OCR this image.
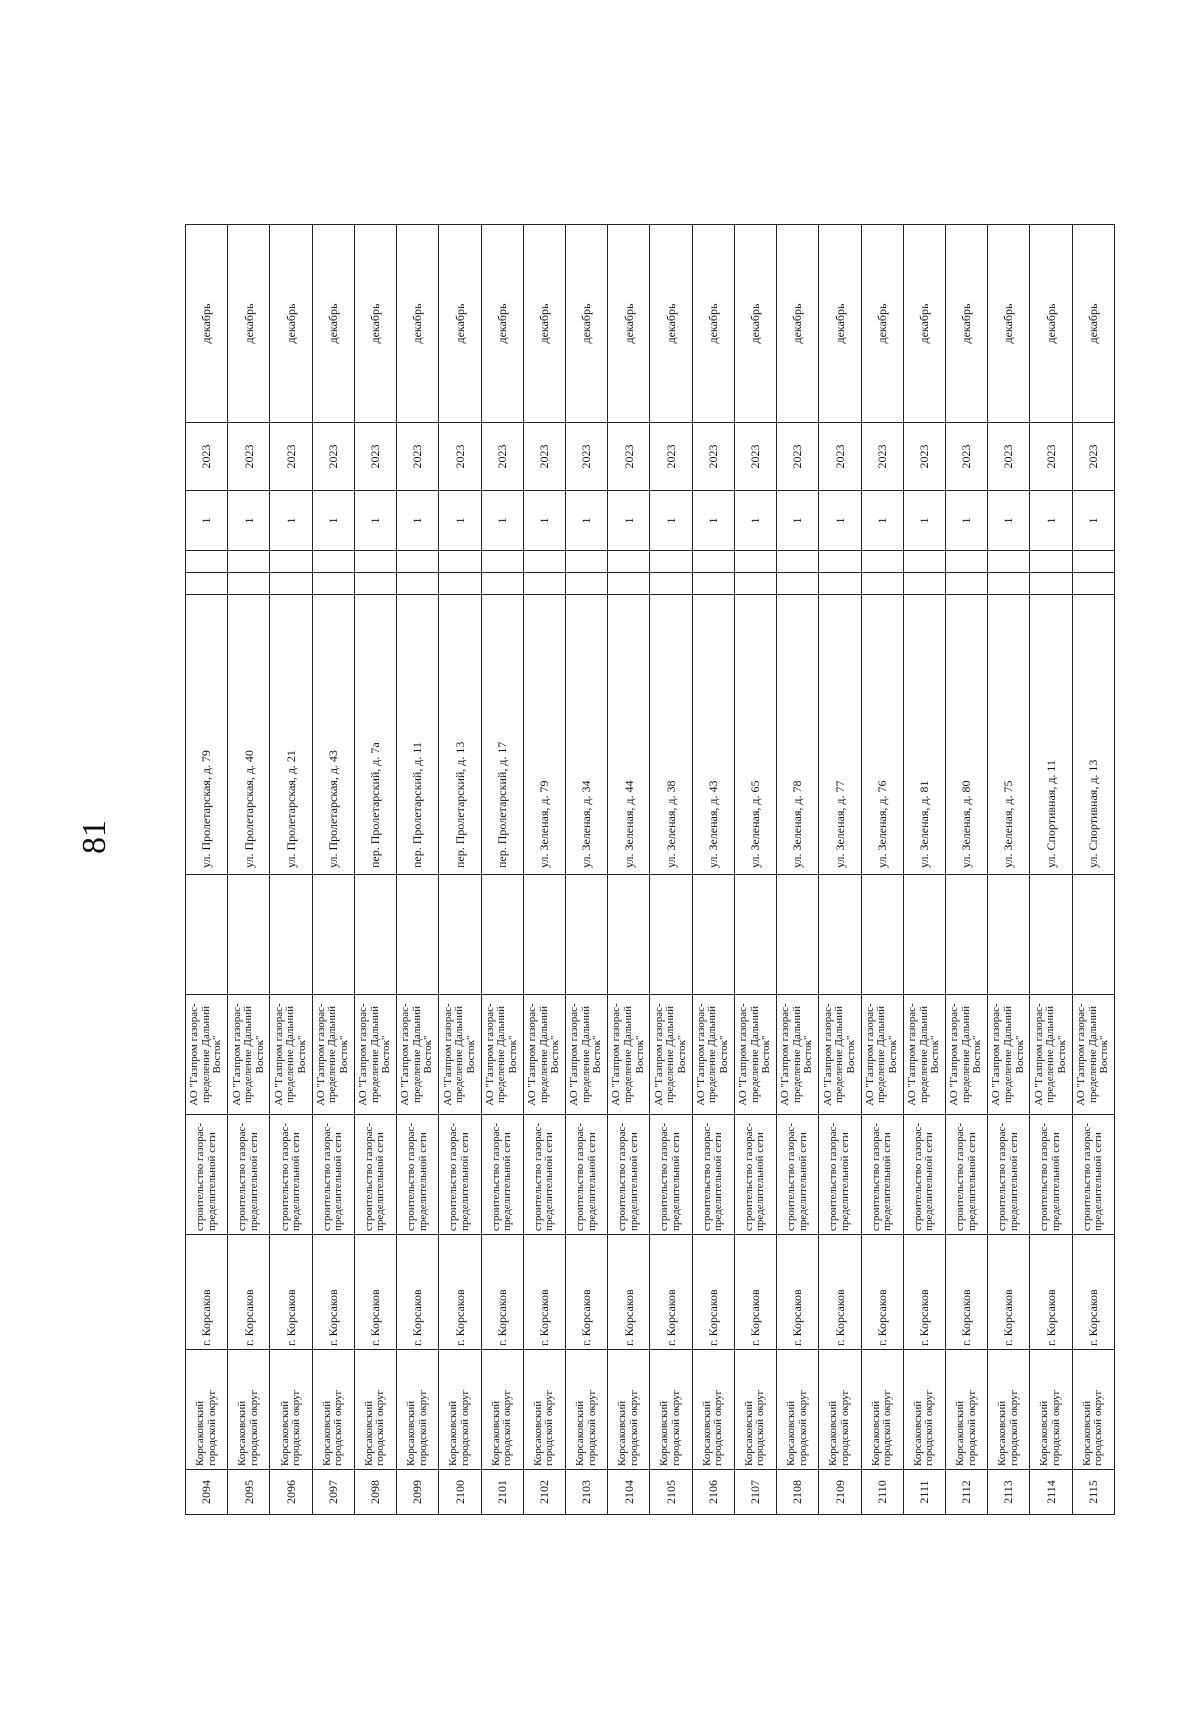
81
2094	Корсаковский городской округ	г. Корсаков	строительство газорас-пределительной сети	АО "Газпром газорас-пределение Дальний Восток"		ул. Пролетарская, д. 79			1	2023	декабрь
2095	Корсаковский городской округ	г. Корсаков	строительство газорас-пределительной сети	АО "Газпром газорас-пределение Дальний Восток"		ул. Пролетарская, д. 40			1	2023	декабрь
2096	Корсаковский городской округ	г. Корсаков	строительство газорас-пределительной сети	АО "Газпром газорас-пределение Дальний Восток"		ул. Пролетарская, д. 21			1	2023	декабрь
2097	Корсаковский городской округ	г. Корсаков	строительство газорас-пределительной сети	АО "Газпром газорас-пределение Дальний Восток"		ул. Пролетарская, д. 43			1	2023	декабрь
2098	Корсаковский городской округ	г. Корсаков	строительство газорас-пределительной сети	АО "Газпром газорас-пределение Дальний Восток"		пер. Пролетарский, д. 7а			1	2023	декабрь
2099	Корсаковский городской округ	г. Корсаков	строительство газорас-пределительной сети	АО "Газпром газорас-пределение Дальний Восток"		пер. Пролетарский, д. 11			1	2023	декабрь
2100	Корсаковский городской округ	г. Корсаков	строительство газорас-пределительной сети	АО "Газпром газорас-пределение Дальний Восток"		пер. Пролетарский, д. 13			1	2023	декабрь
2101	Корсаковский городской округ	г. Корсаков	строительство газорас-пределительной сети	АО "Газпром газорас-пределение Дальний Восток"		пер. Пролетарский, д. 17			1	2023	декабрь
2102	Корсаковский городской округ	г. Корсаков	строительство газорас-пределительной сети	АО "Газпром газорас-пределение Дальний Восток"		ул. Зеленая, д. 79			1	2023	декабрь
2103	Корсаковский городской округ	г. Корсаков	строительство газорас-пределительной сети	АО "Газпром газорас-пределение Дальний Восток"		ул. Зеленая, д. 34			1	2023	декабрь
2104	Корсаковский городской округ	г. Корсаков	строительство газорас-пределительной сети	АО "Газпром газорас-пределение Дальний Восток"		ул. Зеленая, д. 44			1	2023	декабрь
2105	Корсаковский городской округ	г. Корсаков	строительство газорас-пределительной сети	АО "Газпром газорас-пределение Дальний Восток"		ул. Зеленая, д. 38			1	2023	декабрь
2106	Корсаковский городской округ	г. Корсаков	строительство газорас-пределительной сети	АО "Газпром газорас-пределение Дальний Восток"		ул. Зеленая, д. 43			1	2023	декабрь
2107	Корсаковский городской округ	г. Корсаков	строительство газорас-пределительной сети	АО "Газпром газорас-пределение Дальний Восток"		ул. Зеленая, д. 65			1	2023	декабрь
2108	Корсаковский городской округ	г. Корсаков	строительство газорас-пределительной сети	АО "Газпром газорас-пределение Дальний Восток"		ул. Зеленая, д. 78			1	2023	декабрь
2109	Корсаковский городской округ	г. Корсаков	строительство газорас-пределительной сети	АО "Газпром газорас-пределение Дальний Восток"		ул. Зеленая, д. 77			1	2023	декабрь
2110	Корсаковский городской округ	г. Корсаков	строительство газорас-пределительной сети	АО "Газпром газорас-пределение Дальний Восток"		ул. Зеленая, д. 76			1	2023	декабрь
2111	Корсаковский городской округ	г. Корсаков	строительство газорас-пределительной сети	АО "Газпром газорас-пределение Дальний Восток"		ул. Зеленая, д. 81			1	2023	декабрь
2112	Корсаковский городской округ	г. Корсаков	строительство газорас-пределительной сети	АО "Газпром газорас-пределение Дальний Восток"		ул. Зеленая, д. 80			1	2023	декабрь
2113	Корсаковский городской округ	г. Корсаков	строительство газорас-пределительной сети	АО "Газпром газорас-пределение Дальний Восток"		ул. Зеленая, д. 75			1	2023	декабрь
2114	Корсаковский городской округ	г. Корсаков	строительство газорас-пределительной сети	АО "Газпром газорас-пределение Дальний Восток"		ул. Спортивная, д. 11			1	2023	декабрь
2115	Корсаковский городской округ	г. Корсаков	строительство газорас-пределительной сети	АО "Газпром газорас-пределение Дальний Восток"		ул. Спортивная, д. 13			1	2023	декабрь
